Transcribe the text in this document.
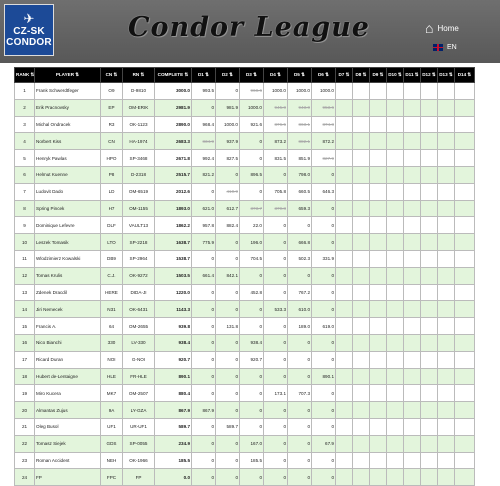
✈
CZ-SK
CONDOR	Condor League	⌂ Home
EN
RANK ⇅	PLAYER ⇅	CN ⇅	RN ⇅	COMPLETE ⇅	D1 ⇅	D2 ⇅	D3 ⇅	D4 ⇅	D5 ⇅	D6 ⇅	D7 ⇅	D8 ⇅	D9 ⇅	D10 ⇅	D11 ⇅	D12 ⇅	D13 ⇅	D14 ⇅
1	Frank Schwerdtfeger	O9	D-9810	3000.0	993.5	0	968.6	1000.0	1000.0	1000.0								
2	Erik Pracnovsky	EP	OM-ERIK	2981.9	0	981.9	1000.0	945.0	943.0	953.6								
3	Michal Ondracek	R3	OK-1123	2890.0	968.4	1000.0	921.6	876.5	863.1	874.8								
4	Norbert Kiss	CN	HA-1974	2683.3	834.9	937.9	0	873.2	882.1	872.2								
5	Henryk Pawlas	HPO	SP-3468	2671.8	992.4	827.5	0	831.5	851.9	827.9								
6	Helmut Kuenne	P8	D-2318	2515.7	821.2	0	896.5	0	798.0	0								
7	Ludovit Dado	LD	OM-6519	2012.6	0	410.9	0	705.8	660.5	646.3								
8	Spring Pincek	H7	OM-1155	1893.0	621.0	612.7	373.7	379.8	659.3	0								
9	Dominique Lefevre	DLF	VAULT13	1862.2	957.8	882.4	22.0	0	0	0								
10	Leszek Tomasik	LTO	SP-2218	1638.7	775.9	0	196.0	0	666.8	0								
11	Wlodzimierz Kowalski	DB9	SP-2964	1538.7	0	0	704.5	0	502.3	331.9								
12	Tomas Krulis	C.J.	OK-9272	1503.5	661.4	842.1	0	0	0	0								
13	Zdenek Dracdil	HERE	DIDA-JI	1220.0	0	0	452.8	0	767.2	0								
14	Jiri Nemecek	N31	OK-6431	1143.3	0	0	0	533.3	610.0	0								
15	Francis A.	64	OM-2655	939.8	0	131.8	0	0	189.0	619.0								
16	Nico Bianchi	330	LV-330	938.4	0	0	938.4	0	0	0								
17	Ricard Duran	NOI	G-NOI	920.7	0	0	920.7	0	0	0								
18	Hubert de-Lentaigne	HLE	FR-HLE	890.1	0	0	0	0	0	890.1								
19	Miro Kucera	MK7	OM-2507	880.4	0	0	0	173.1	707.3	0								
20	Almantas Zujus	9A	LY-GZA	867.9	867.9	0	0	0	0	0								
21	Oleg Busol	UF1	UR-UF1	589.7	0	589.7	0	0	0	0								
22	Tomasz Siejek	GDS	SP-0055	234.9	0	0	167.0	0	0	67.9								
23	Roman Accident	NEH	OK-1966	185.5	0	0	185.5	0	0	0								
24	FP	FPC	FP	0.0	0	0	0	0	0	0								
